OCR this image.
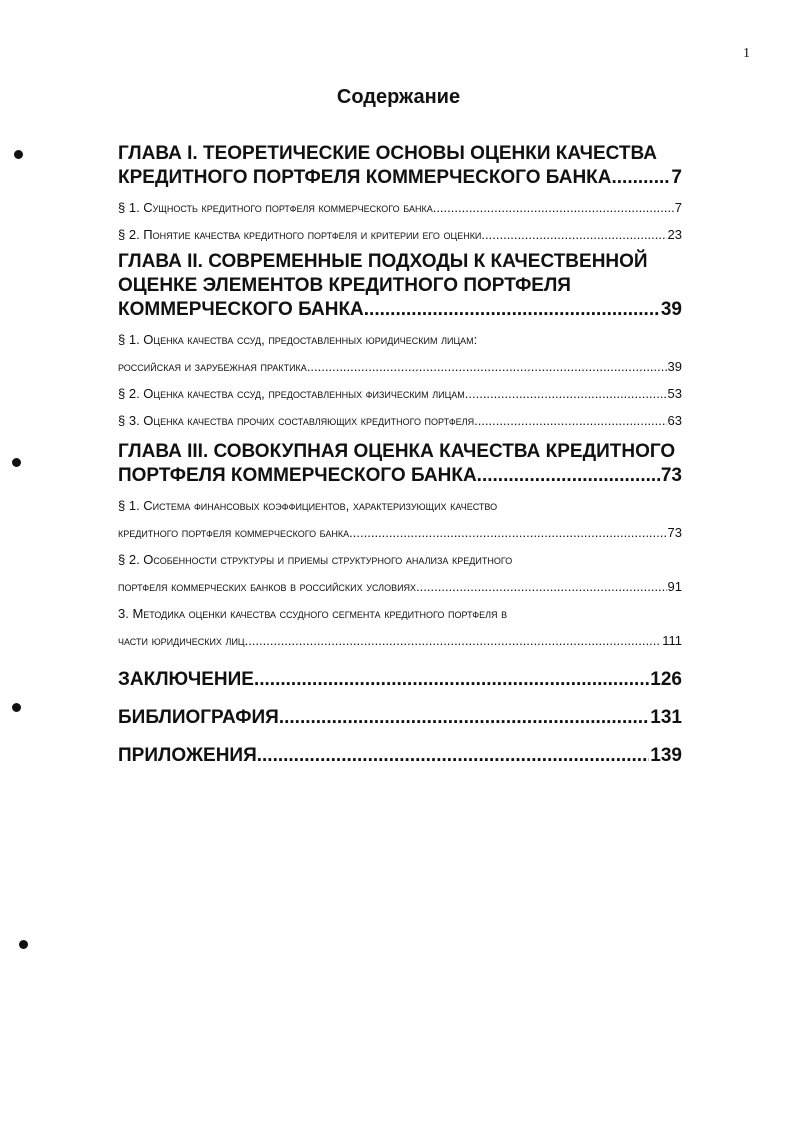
1
Содержание
ГЛАВА I. ТЕОРЕТИЧЕСКИЕ ОСНОВЫ ОЦЕНКИ КАЧЕСТВА
КРЕДИТНОГО ПОРТФЕЛЯ КОММЕРЧЕСКОГО БАНКА .....	7
§ 1. Сущность кредитного портфеля коммерческого банка .....	7
§ 2. Понятие качества кредитного портфеля и критерии его оценки .....	23
ГЛАВА II. СОВРЕМЕННЫЕ ПОДХОДЫ К КАЧЕСТВЕННОЙ
ОЦЕНКЕ ЭЛЕМЕНТОВ КРЕДИТНОГО ПОРТФЕЛЯ
КОММЕРЧЕСКОГО БАНКА .....	39
§ 1. Оценка качества ссуд, предоставленных юридическим лицам:
российская и зарубежная практика .....	39
§ 2. Оценка качества ссуд, предоставленных физическим лицам .....	53
§ 3. Оценка качества прочих составляющих кредитного портфеля .....	63
ГЛАВА III. СОВОКУПНАЯ ОЦЕНКА КАЧЕСТВА КРЕДИТНОГО
ПОРТФЕЛЯ КОММЕРЧЕСКОГО БАНКА .....	73
§ 1. Система финансовых коэффициентов, характеризующих качество
кредитного портфеля коммерческого банка .....	73
§ 2. Особенности структуры и приемы структурного анализа кредитного
портфеля коммерческих банков в российских условиях .....	91
3. Методика оценки качества ссудного сегмента кредитного портфеля в
части юридических лиц .....	111
ЗАКЛЮЧЕНИЕ .....	126
БИБЛИОГРАФИЯ .....	131
ПРИЛОЖЕНИЯ .....	139
